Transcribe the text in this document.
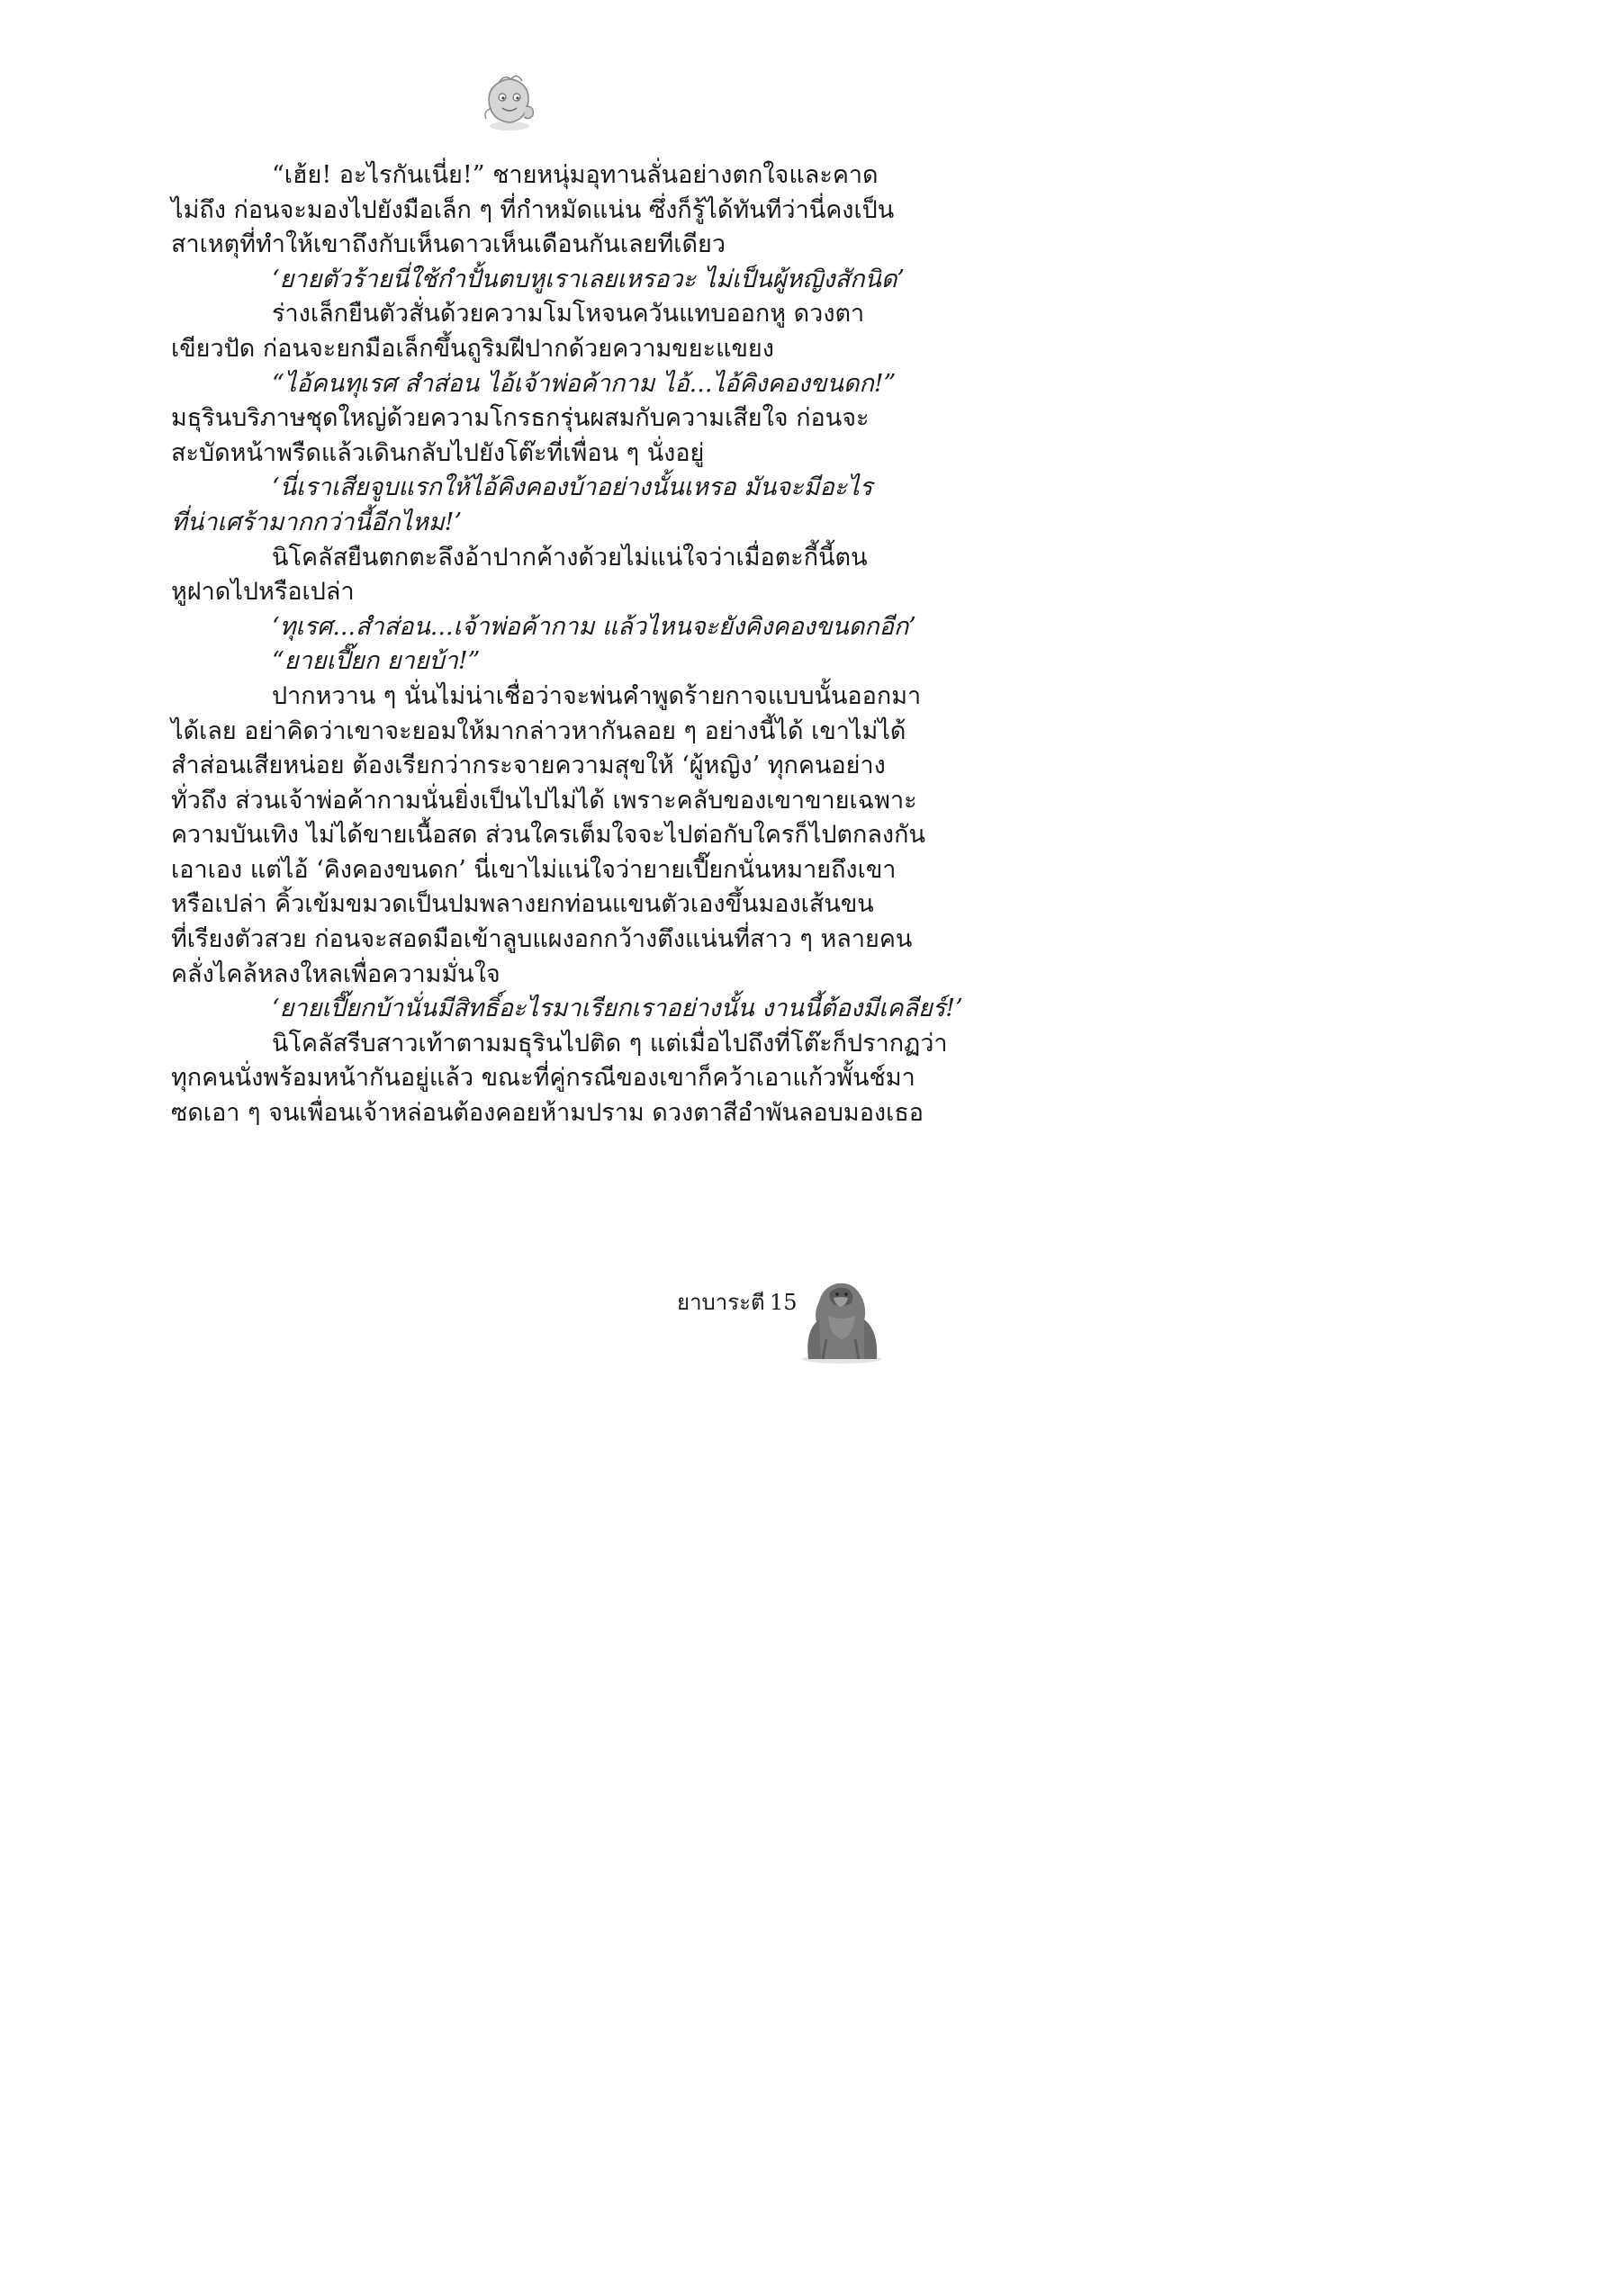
“เฮ้ย! อะไรกันเนี่ย!” ชายหนุ่มอุทานลั่นอย่างตกใจและคาด
ไม่ถึง ก่อนจะมองไปยังมือเล็ก ๆ ที่กำหมัดแน่น ซึ่งก็รู้ได้ทันทีว่านี่คงเป็น
สาเหตุที่ทำให้เขาถึงกับเห็นดาวเห็นเดือนกันเลยทีเดียว
‘ยายตัวร้ายนี่ใช้กำปั้นตบหูเราเลยเหรอวะ ไม่เป็นผู้หญิงสักนิด’
ร่างเล็กยืนตัวสั่นด้วยความโมโหจนควันแทบออกหู ดวงตา
เขียวปัด ก่อนจะยกมือเล็กขึ้นถูริมฝีปากด้วยความขยะแขยง
“ไอ้คนทุเรศ สำส่อน ไอ้เจ้าพ่อค้ากาม ไอ้...ไอ้คิงคองขนดก!”
มธุรินบริภาษชุดใหญ่ด้วยความโกรธกรุ่นผสมกับความเสียใจ ก่อนจะ
สะบัดหน้าพรืดแล้วเดินกลับไปยังโต๊ะที่เพื่อน ๆ นั่งอยู่
‘นี่เราเสียจูบแรกให้ไอ้คิงคองบ้าอย่างนั้นเหรอ มันจะมีอะไร
ที่น่าเศร้ามากกว่านี้อีกไหม!’
นิโคลัสยืนตกตะลึงอ้าปากค้างด้วยไม่แน่ใจว่าเมื่อตะกี้นี้ตน
หูฝาดไปหรือเปล่า
‘ทุเรศ...สำส่อน...เจ้าพ่อค้ากาม แล้วไหนจะยังคิงคองขนดกอีก’
“ยายเปี๊ยก ยายบ้า!”
ปากหวาน ๆ นั่นไม่น่าเชื่อว่าจะพ่นคำพูดร้ายกาจแบบนั้นออกมา
ได้เลย อย่าคิดว่าเขาจะยอมให้มากล่าวหากันลอย ๆ อย่างนี้ได้ เขาไม่ได้
สำส่อนเสียหน่อย ต้องเรียกว่ากระจายความสุขให้ ‘ผู้หญิง’ ทุกคนอย่าง
ทั่วถึง ส่วนเจ้าพ่อค้ากามนั่นยิ่งเป็นไปไม่ได้ เพราะคลับของเขาขายเฉพาะ
ความบันเทิง ไม่ได้ขายเนื้อสด ส่วนใครเต็มใจจะไปต่อกับใครก็ไปตกลงกัน
เอาเอง แต่ไอ้ ‘คิงคองขนดก’ นี่เขาไม่แน่ใจว่ายายเปี๊ยกนั่นหมายถึงเขา
หรือเปล่า คิ้วเข้มขมวดเป็นปมพลางยกท่อนแขนตัวเองขึ้นมองเส้นขน
ที่เรียงตัวสวย ก่อนจะสอดมือเข้าลูบแผงอกกว้างตึงแน่นที่สาว ๆ หลายคน
คลั่งไคล้หลงใหลเพื่อความมั่นใจ
‘ยายเปี๊ยกบ้านั่นมีสิทธิ์อะไรมาเรียกเราอย่างนั้น งานนี้ต้องมีเคลียร์!’
นิโคลัสรีบสาวเท้าตามมธุรินไปติด ๆ แต่เมื่อไปถึงที่โต๊ะก็ปรากฏว่า
ทุกคนนั่งพร้อมหน้ากันอยู่แล้ว ขณะที่คู่กรณีของเขาก็คว้าเอาแก้วพั้นช์มา
ซดเอา ๆ จนเพื่อนเจ้าหล่อนต้องคอยห้ามปราม ดวงตาสีอำพันลอบมองเธอ
ยาบาระตี 15
